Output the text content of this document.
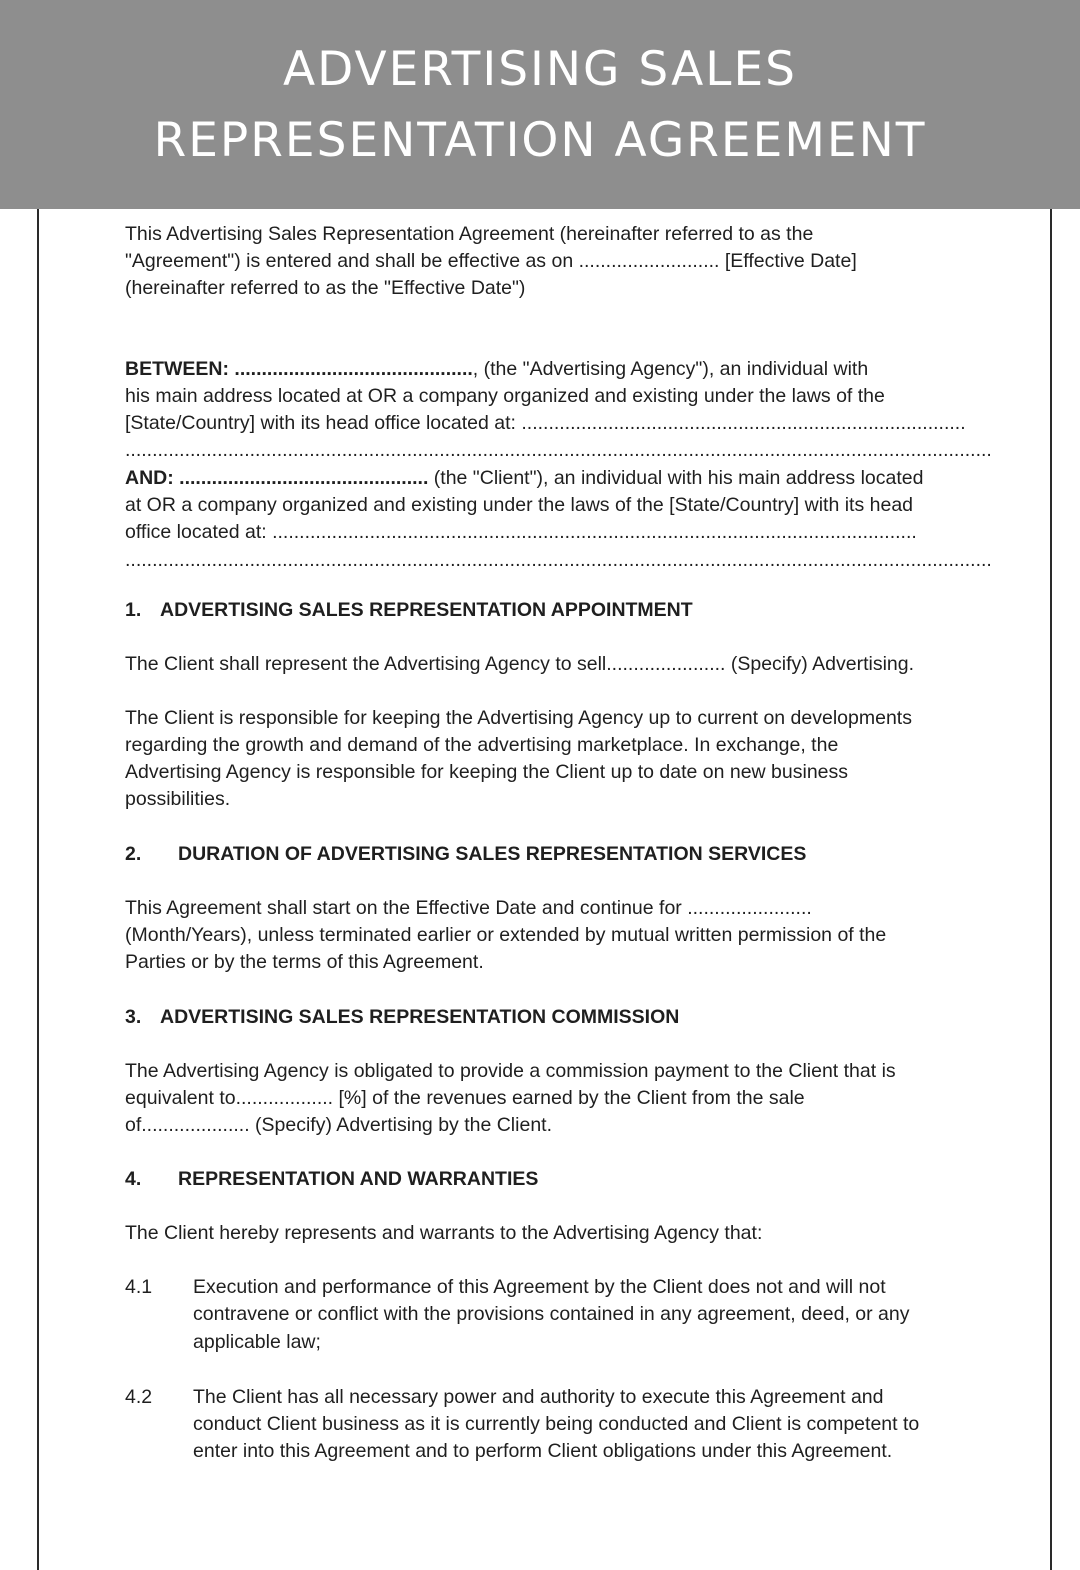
ADVERTISING SALES
REPRESENTATION AGREEMENT
This Advertising Sales Representation Agreement (hereinafter referred to as the
"Agreement") is entered and shall be effective as on .......................... [Effective Date]
(hereinafter referred to as the "Effective Date")
BETWEEN: ............................................, (the "Advertising Agency"), an individual with
his main address located at OR a company organized and existing under the laws of the
[State/Country] with its head office located at: ..................................................................................
................................................................................................................................................................
AND: .............................................. (the "Client"), an individual with his main address located
at OR a company organized and existing under the laws of the [State/Country] with its head
office located at: .......................................................................................................................
................................................................................................................................................................
1. ADVERTISING SALES REPRESENTATION APPOINTMENT
The Client shall represent the Advertising Agency to sell...................... (Specify) Advertising.
The Client is responsible for keeping the Advertising Agency up to current on developments
regarding the growth and demand of the advertising marketplace. In exchange, the
Advertising Agency is responsible for keeping the Client up to date on new business
possibilities.
2. DURATION OF ADVERTISING SALES REPRESENTATION SERVICES
This Agreement shall start on the Effective Date and continue for .......................
(Month/Years), unless terminated earlier or extended by mutual written permission of the
Parties or by the terms of this Agreement.
3. ADVERTISING SALES REPRESENTATION COMMISSION
The Advertising Agency is obligated to provide a commission payment to the Client that is
equivalent to.................. [%] of the revenues earned by the Client from the sale
of.................... (Specify) Advertising by the Client.
4. REPRESENTATION AND WARRANTIES
The Client hereby represents and warrants to the Advertising Agency that:
4.1 Execution and performance of this Agreement by the Client does not and will not
contravene or conflict with the provisions contained in any agreement, deed, or any
applicable law;
4.2 The Client has all necessary power and authority to execute this Agreement and
conduct Client business as it is currently being conducted and Client is competent to
enter into this Agreement and to perform Client obligations under this Agreement.
